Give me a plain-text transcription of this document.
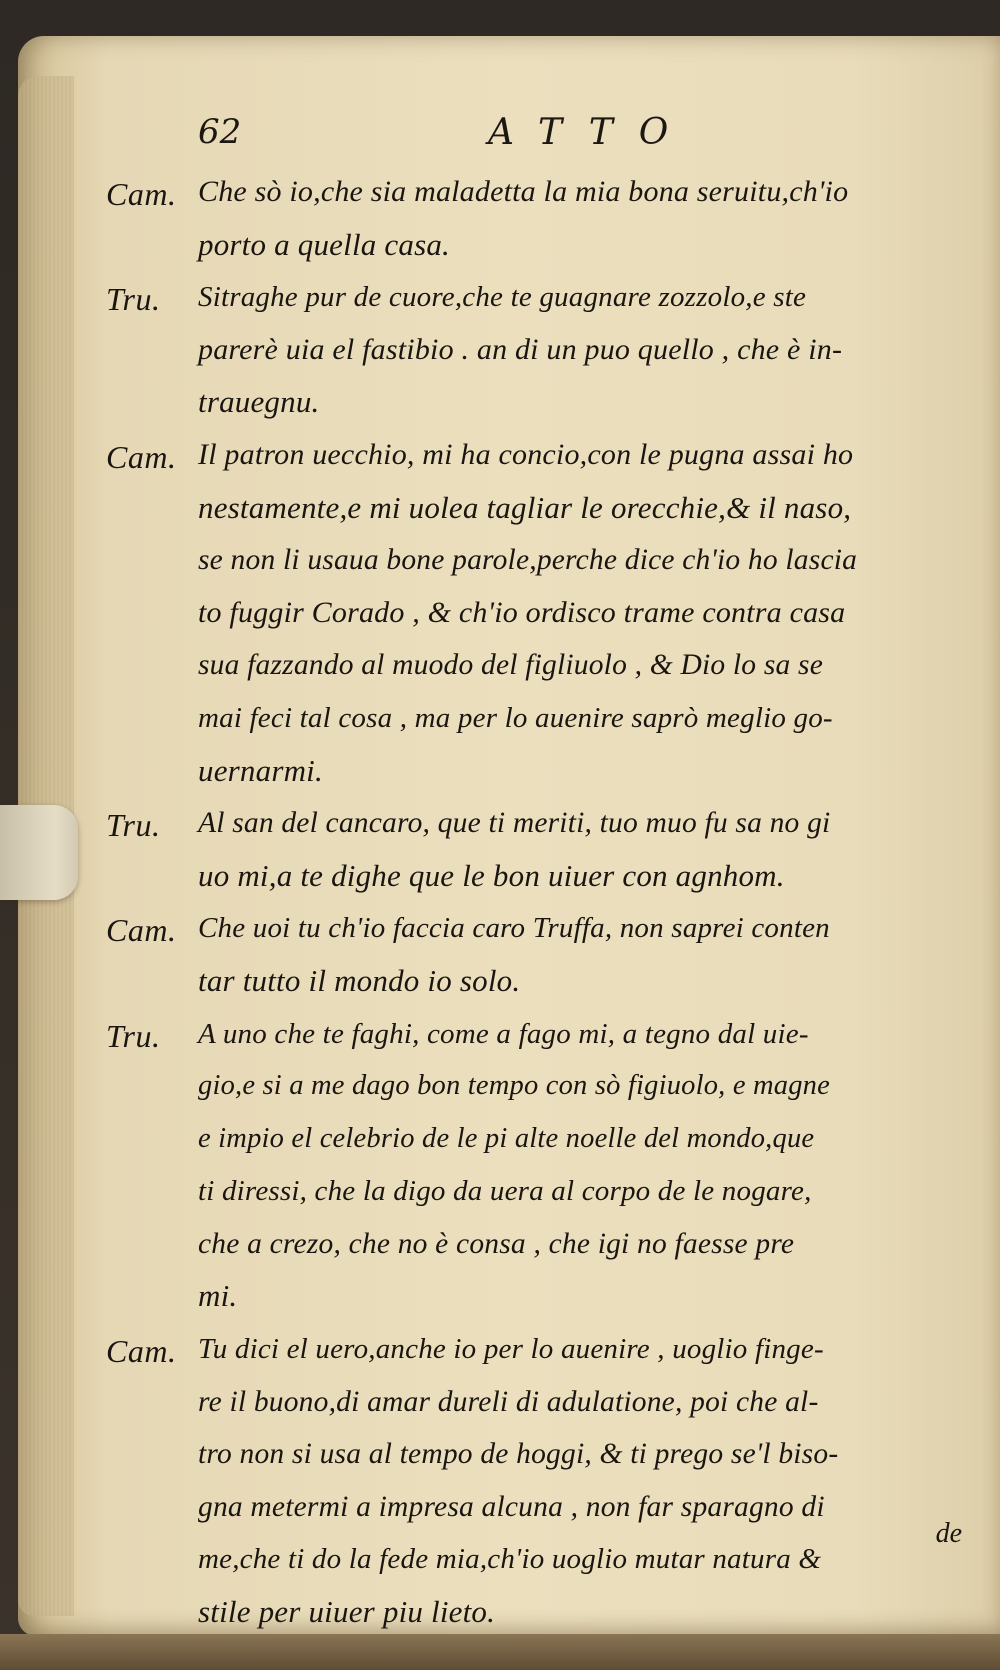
62	ATTO
Cam. Che sò io,che sia maladetta la mia bona seruitu,ch'io
porto a quella casa.
Tru.	Sitraghe pur de cuore,che te guagnare zozzolo,e ste
parerè uia el fastibio . an di un puo quello , che è in-
trauegnu.
Cam. Il patron uecchio, mi ha concio,con le pugna assai ho
nestamente,e mi uolea tagliar le orecchie,& il naso,
se non li usaua bone parole,perche dice ch'io ho lascia
to fuggir Corado , & ch'io ordisco trame contra casa
sua fazzando al muodo del figliuolo , & Dio lo sa se
mai feci tal cosa , ma per lo auenire saprò meglio go-
uernarmi.
Tru.	Al san del cancaro, que ti meriti, tuo muo fu sa no gi
uo mi,a te dighe que le bon uiuer con agnhom.
Cam. Che uoi tu ch'io faccia caro Truffa, non saprei conten
tar tutto il mondo io solo.
Tru.	A uno che te faghi, come a fago mi, a tegno dal uie-
gio,e si a me dago bon tempo con sò figiuolo, e magne
e impio el celebrio de le pi alte noelle del mondo,que
ti diressi, che la digo da uera al corpo de le nogare,
che a crezo, che no è consa , che igi no faesse pre
mi.
Cam. Tu dici el uero,anche io per lo auenire , uoglio finge-
re il buono,di amar dureli di adulatione, poi che al-
tro non si usa al tempo de hoggi, & ti prego se'l biso-
gna metermi a impresa alcuna , non far sparagno di
me,che ti do la fede mia,ch'io uoglio mutar natura &
stile per uiuer piu lieto.
de
